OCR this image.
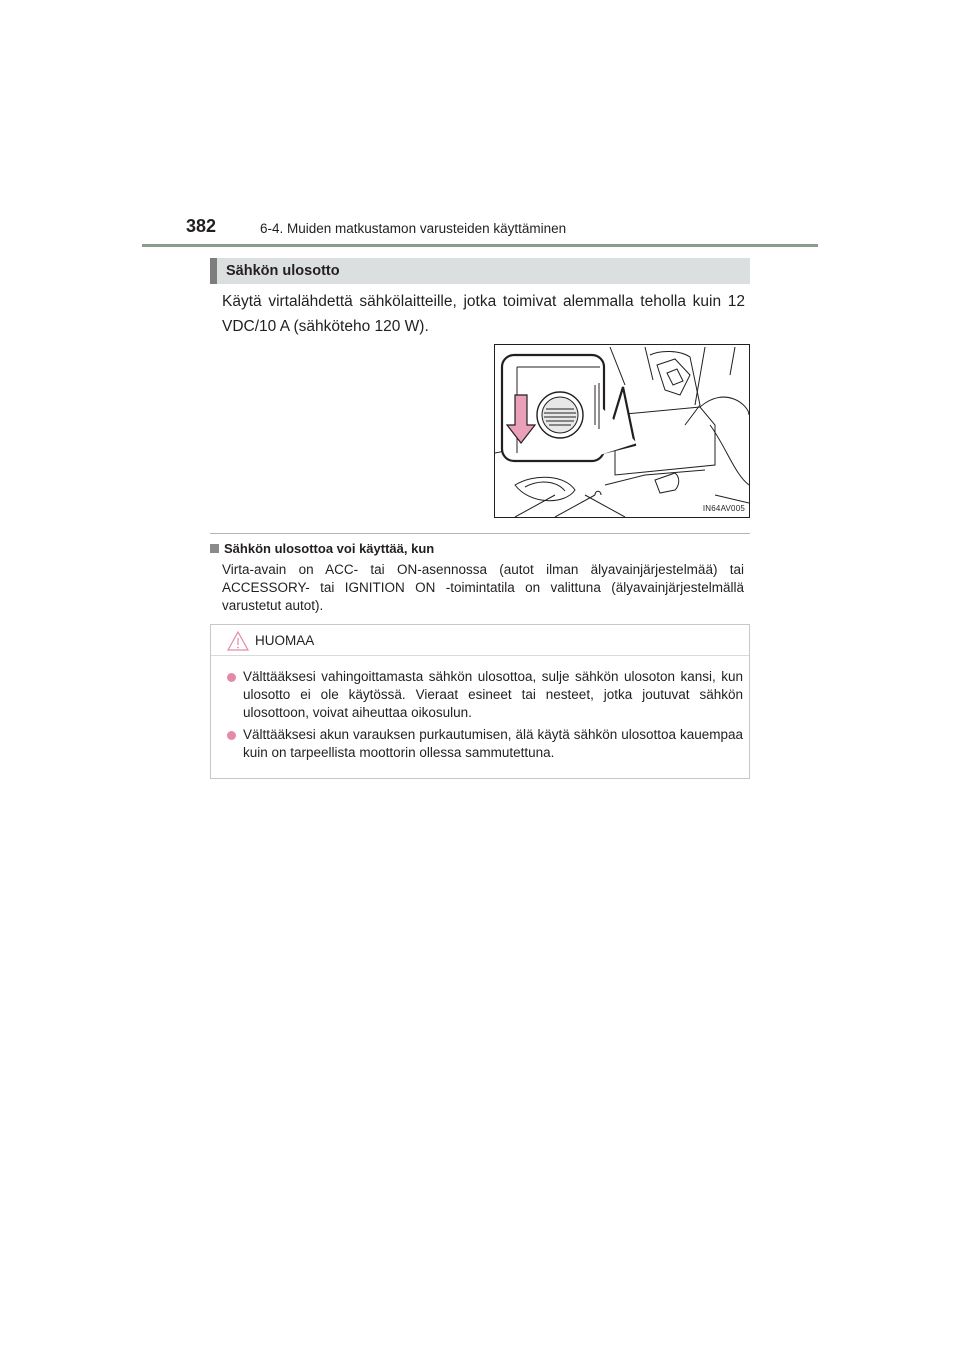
382	6-4. Muiden matkustamon varusteiden käyttäminen
Sähkön ulosotto
Käytä virtalähdettä sähkölaitteille, jotka toimivat alemmalla teholla kuin 12 VDC/10 A (sähköteho 120 W).
IN64AV005
Sähkön ulosottoa voi käyttää, kun
Virta-avain on ACC- tai ON-asennossa (autot ilman älyavainjärjestelmää) tai ACCESSORY- tai IGNITION ON -toimintatila on valittuna (älyavainjärjestelmällä varustetut autot).
HUOMAA
Välttääksesi vahingoittamasta sähkön ulosottoa, sulje sähkön ulosoton kansi, kun ulosotto ei ole käytössä. Vieraat esineet tai nesteet, jotka joutuvat sähkön ulosottoon, voivat aiheuttaa oikosulun.
Välttääksesi akun varauksen purkautumisen, älä käytä sähkön ulosottoa kauempaa kuin on tarpeellista moottorin ollessa sammutettuna.
